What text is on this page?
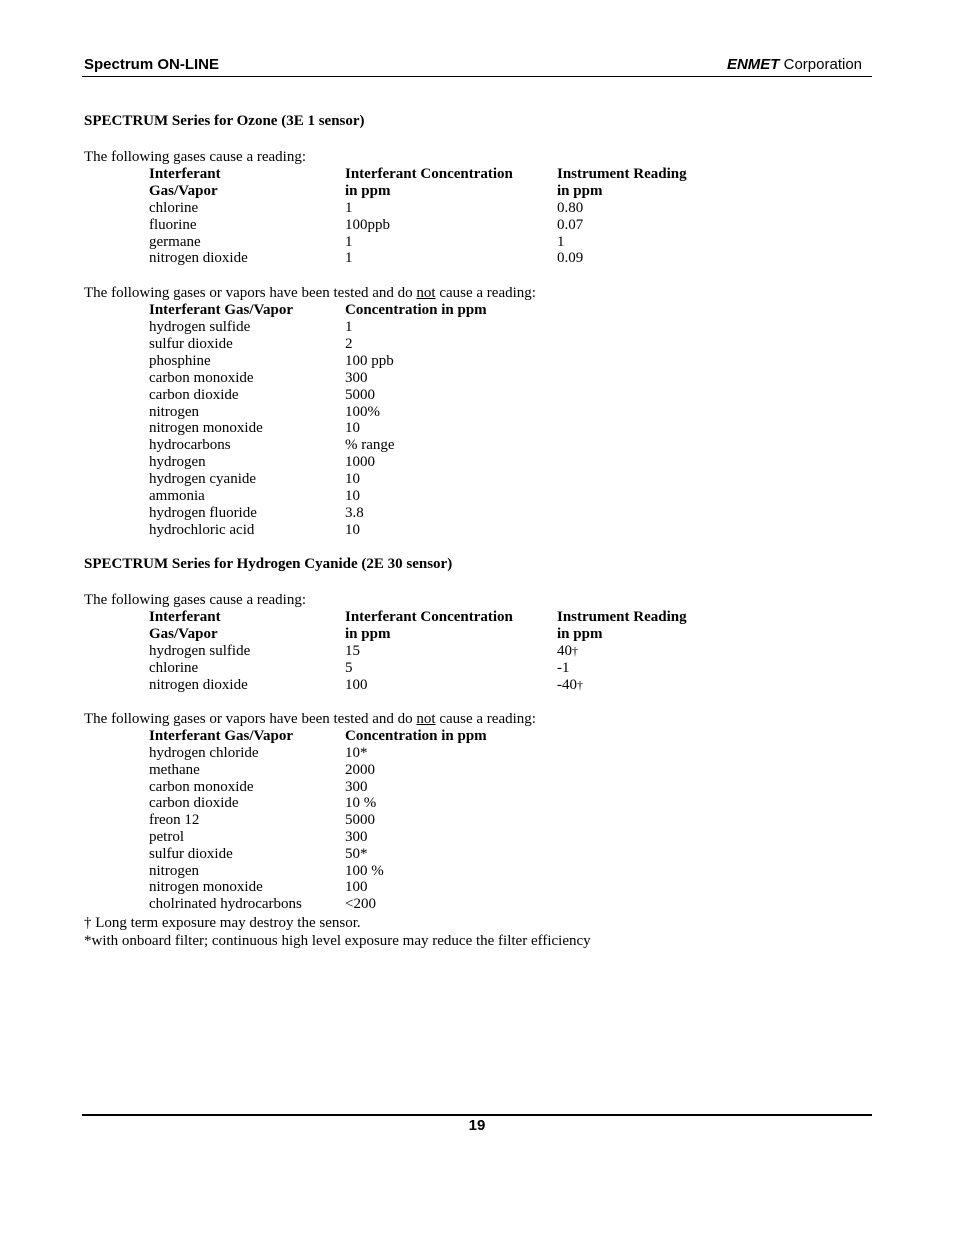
Spectrum ON-LINE	ENMET Corporation
SPECTRUM Series for Ozone (3E 1 sensor)
The following gases cause a reading:
Interferant	Interferant Concentration	Instrument Reading
Gas/Vapor	in ppm	in ppm
chlorine	1	0.80
fluorine	100ppb	0.07
germane	1	1
nitrogen dioxide	1	0.09
The following gases or vapors have been tested and do not cause a reading:
Interferant Gas/Vapor	Concentration in ppm
hydrogen sulfide	1
sulfur dioxide	2
phosphine	100 ppb
carbon monoxide	300
carbon dioxide	5000
nitrogen	100%
nitrogen monoxide	10
hydrocarbons	% range
hydrogen	1000
hydrogen cyanide	10
ammonia	10
hydrogen fluoride	3.8
hydrochloric acid	10
SPECTRUM Series for Hydrogen Cyanide (2E 30 sensor)
The following gases cause a reading:
Interferant	Interferant Concentration	Instrument Reading
Gas/Vapor	in ppm	in ppm
hydrogen sulfide	15	40†
chlorine	5	-1
nitrogen dioxide	100	-40†
The following gases or vapors have been tested and do not cause a reading:
Interferant Gas/Vapor	Concentration in ppm
hydrogen chloride	10*
methane	2000
carbon monoxide	300
carbon dioxide	10 %
freon 12	5000
petrol	300
sulfur dioxide	50*
nitrogen	100 %
nitrogen monoxide	100
cholrinated hydrocarbons	<200
† Long term exposure may destroy the sensor.
*with onboard filter; continuous high level exposure may reduce the filter efficiency
19
